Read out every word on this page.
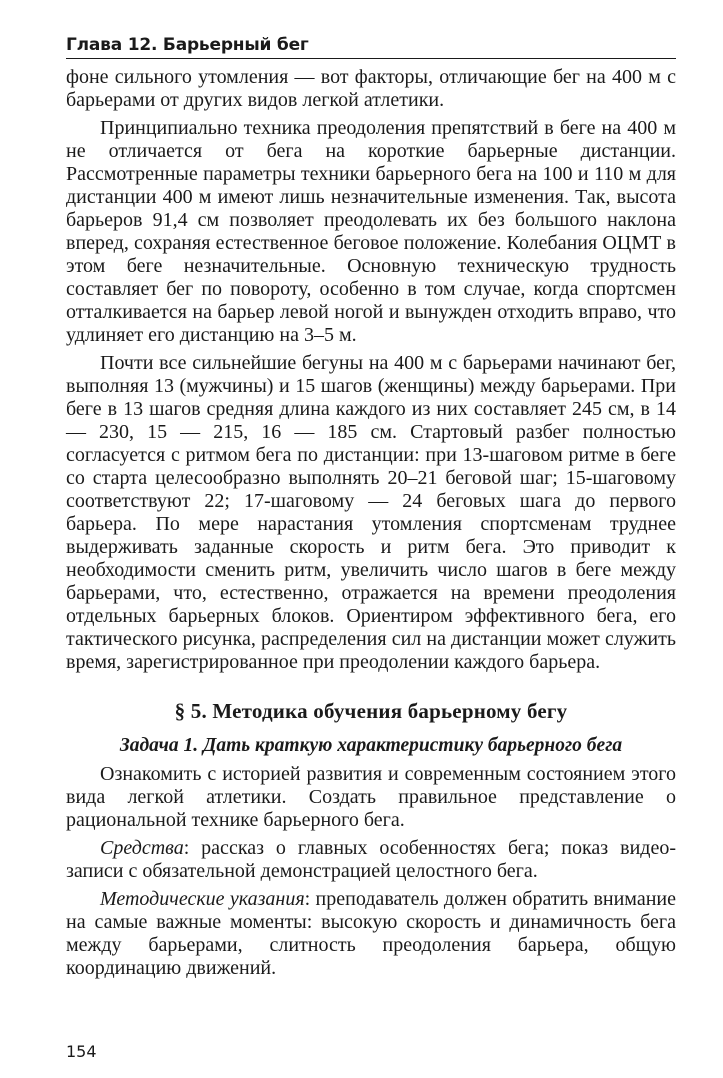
Глава 12. Барьерный бег

фоне сильного утомления — вот факторы, отличающие бег на 400 м с барьерами от других видов легкой атлетики.

Принципиально техника преодоления препятствий в беге на 400 м не отличается от бега на короткие барьерные дистанции. Рассмотренные параметры техники барьерного бега на 100 и 110 м для дистанции 400 м имеют лишь незначительные изменения. Так, высота барьеров 91,4 см позволяет преодолевать их без большого наклона вперед, сохраняя естественное беговое положение. Колебания ОЦМТ в этом беге незначительные. Основную техническую трудность составляет бег по повороту, особенно в том случае, когда спортсмен отталкивается на барьер левой ногой и вынужден отходить вправо, что удлиняет его дистанцию на 3–5 м.

Почти все сильнейшие бегуны на 400 м с барьерами начинают бег, выполняя 13 (мужчины) и 15 шагов (женщины) между барьерами. При беге в 13 шагов средняя длина каждого из них составляет 245 см, в 14 — 230, 15 — 215, 16 — 185 см. Стартовый разбег полностью согласуется с ритмом бега по дистанции: при 13-шаговом ритме в беге со старта целесообразно выполнять 20–21 беговой шаг; 15-шаговому соответствуют 22; 17-шаговому — 24 беговых шага до первого барьера. По мере нарастания утомления спортсменам труднее выдерживать заданные скорость и ритм бега. Это приводит к необходимости сменить ритм, увеличить число шагов в беге между барьерами, что, естественно, отражается на времени преодоления отдельных барьерных блоков. Ориентиром эффективного бега, его тактического рисунка, распределения сил на дистанции может служить время, зарегистрированное при преодолении каждого барьера.

§ 5. Методика обучения барьерному бегу
Задача 1. Дать краткую характеристику барьерного бега

Ознакомить с историей развития и современным состоянием этого вида легкой атлетики. Создать правильное представление о рациональной технике барьерного бега.

Средства: рассказ о главных особенностях бега; показ видеозаписи с обязательной демонстрацией целостного бега.

Методические указания: преподаватель должен обратить внимание на самые важные моменты: высокую скорость и динамичность бега между барьерами, слитность преодоления барьера, общую координацию движений.

154
